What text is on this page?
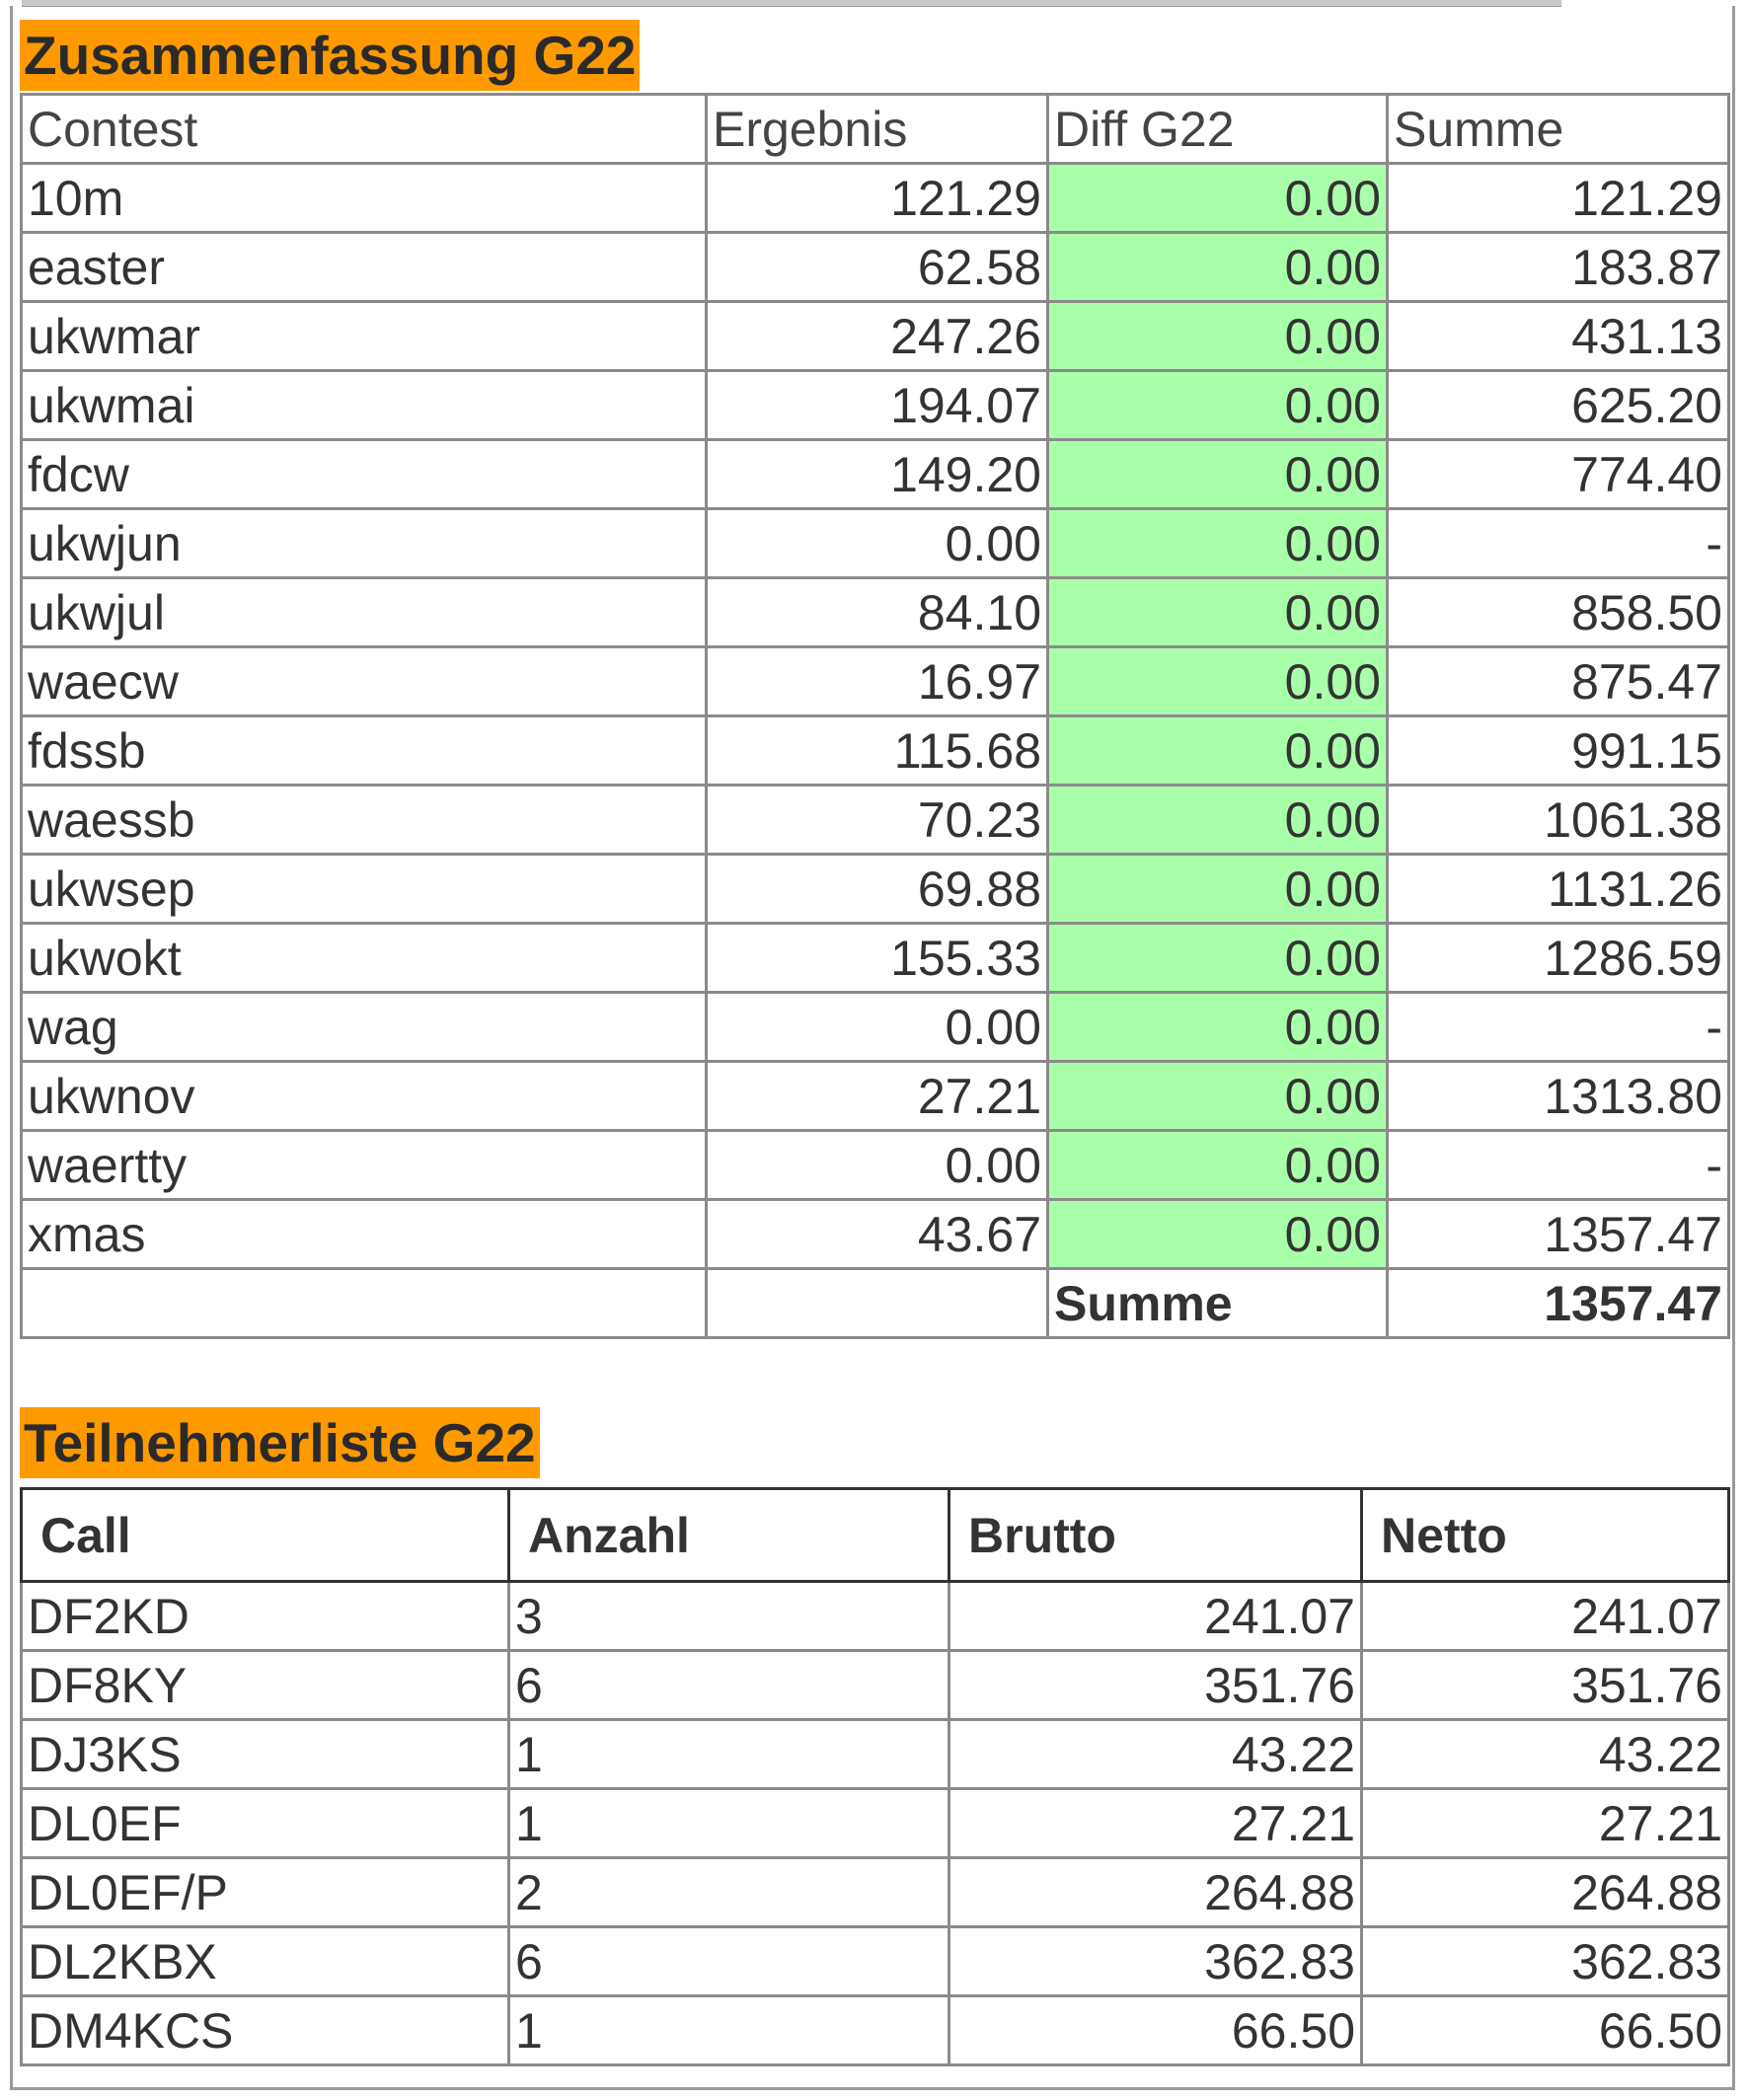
Zusammenfassung G22
Contest	Ergebnis	Diff G22	Summe
10m	121.29	0.00	121.29
easter	62.58	0.00	183.87
ukwmar	247.26	0.00	431.13
ukwmai	194.07	0.00	625.20
fdcw	149.20	0.00	774.40
ukwjun	0.00	0.00	-
ukwjul	84.10	0.00	858.50
waecw	16.97	0.00	875.47
fdssb	115.68	0.00	991.15
waessb	70.23	0.00	1061.38
ukwsep	69.88	0.00	1131.26
ukwokt	155.33	0.00	1286.59
wag	0.00	0.00	-
ukwnov	27.21	0.00	1313.80
waertty	0.00	0.00	-
xmas	43.67	0.00	1357.47
		Summe	1357.47
Teilnehmerliste G22
Call	Anzahl	Brutto	Netto
DF2KD	3	241.07	241.07
DF8KY	6	351.76	351.76
DJ3KS	1	43.22	43.22
DL0EF	1	27.21	27.21
DL0EF/P	2	264.88	264.88
DL2KBX	6	362.83	362.83
DM4KCS	1	66.50	66.50
